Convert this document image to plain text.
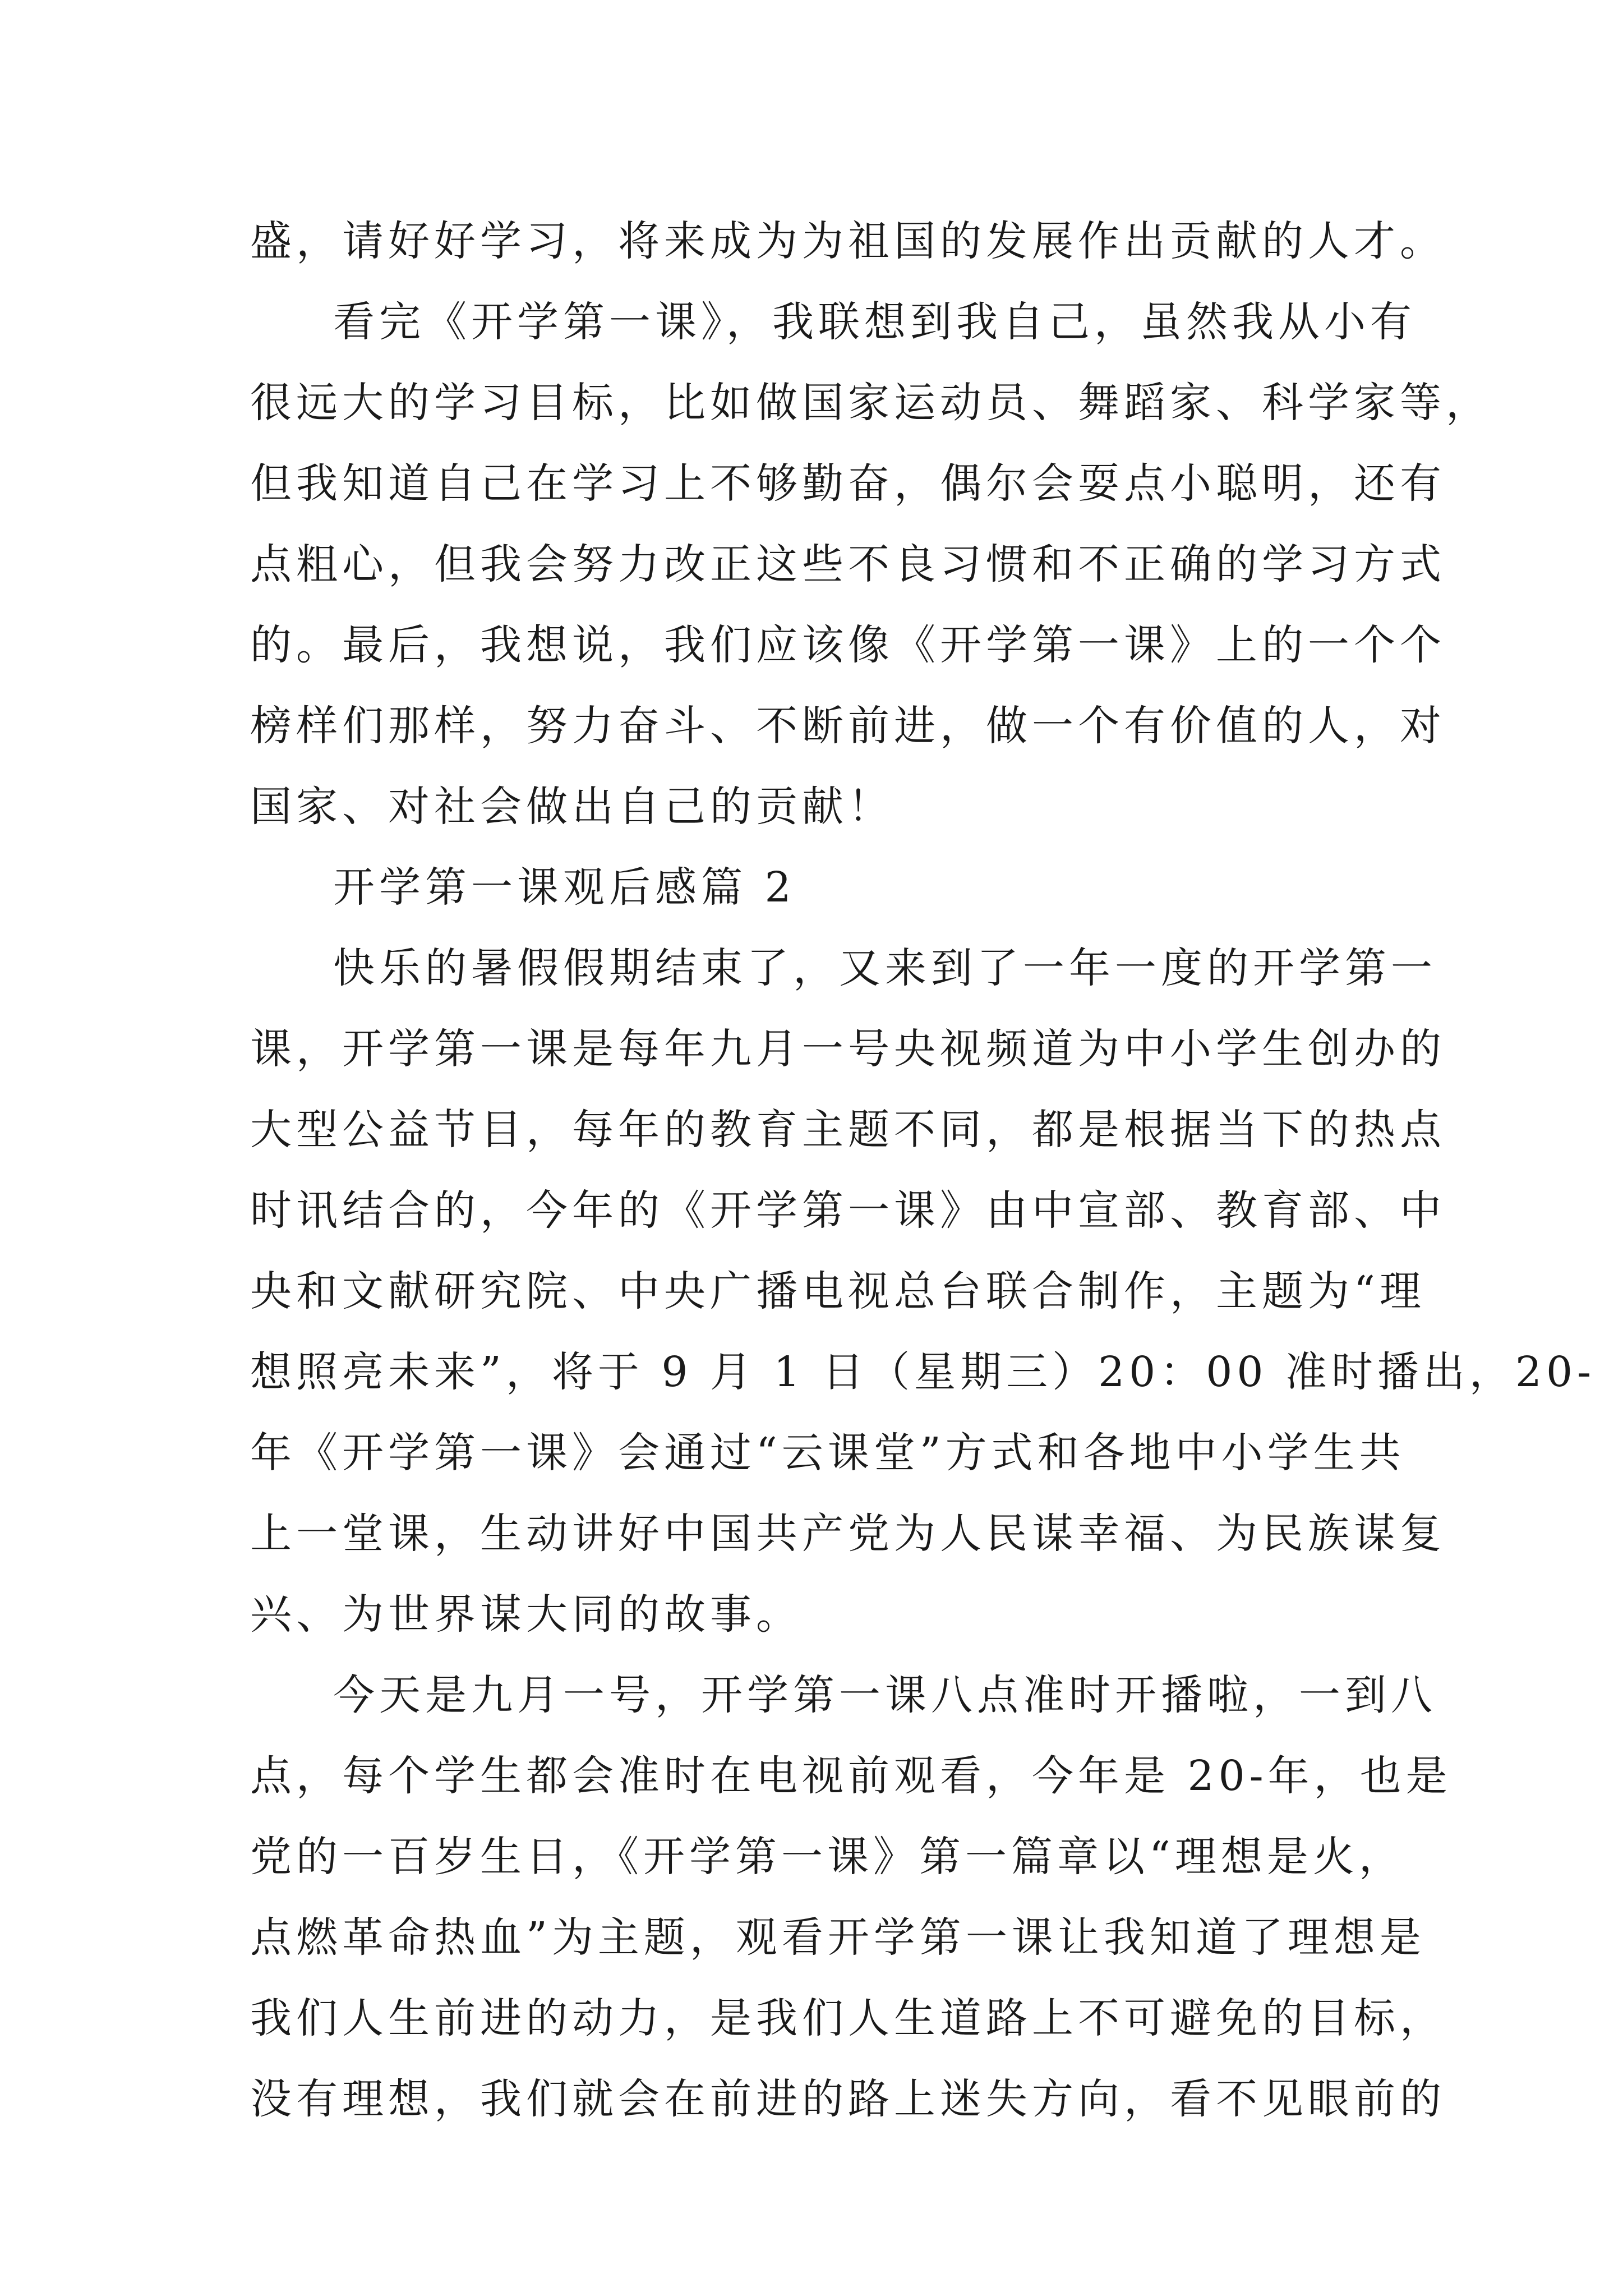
盛，请好好学习，将来成为为祖国的发展作出贡献的人才。
看完《开学第一课》，我联想到我自己，虽然我从小有
很远大的学习目标，比如做国家运动员、舞蹈家、科学家等，
但我知道自己在学习上不够勤奋，偶尔会耍点小聪明，还有
点粗心，但我会努力改正这些不良习惯和不正确的学习方式
的。最后，我想说，我们应该像《开学第一课》上的一个个
榜样们那样，努力奋斗、不断前进，做一个有价值的人，对
国家、对社会做出自己的贡献！
开学第一课观后感篇 2
快乐的暑假假期结束了，又来到了一年一度的开学第一
课，开学第一课是每年九月一号央视频道为中小学生创办的
大型公益节目，每年的教育主题不同，都是根据当下的热点
时讯结合的，今年的《开学第一课》由中宣部、教育部、中
央和文献研究院、中央广播电视总台联合制作，主题为“理
想照亮未来”，将于 9 月 1 日（星期三）20：00 准时播出，20-
年《开学第一课》会通过“云课堂”方式和各地中小学生共
上一堂课，生动讲好中国共产党为人民谋幸福、为民族谋复
兴、为世界谋大同的故事。
今天是九月一号，开学第一课八点准时开播啦，一到八
点，每个学生都会准时在电视前观看，今年是 20-年，也是
党的一百岁生日，《开学第一课》第一篇章以“理想是火，
点燃革命热血”为主题，观看开学第一课让我知道了理想是
我们人生前进的动力，是我们人生道路上不可避免的目标，
没有理想，我们就会在前进的路上迷失方向，看不见眼前的
